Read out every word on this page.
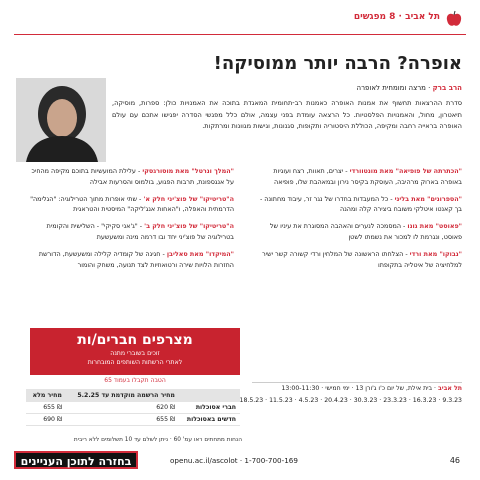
תל אביב · 8 מפגשים
אופרה? הרבה יותר ממוסיקה!
הרב ברק · מרצה ומומחית לאופרה
סדרת ההרצאות תחשוף את אמנות האופרה כאמנות רב-תחומית המאגדת בתוכה את האמנויות כולן: ספרות, מוסיקה, תיאטרון, מחול, והאמנויות הפלסטיות. כל הרצאה עומדת בפני עצמה, אולם כלל מפגשי הסדרה יפגישו אתכם עם עולם האופרה בראייה רחבה ומקיפה, הכוללת היסטוריה ותקופות, סגנונות, וגישות מגוונות ומרתקות.

"הכתרתה של פופיאה" מאת מונטוורדי - יצרים, תאוות, רצח ועוגיות באופרה בארוק מרהיבה, העוסקת בקיסר נירון ובמאהבת שלו, פופיאה

"הספרונים" מאת בליני - כל המעבדות בחדרו של נגר זר, עיבוד מחתונה - בך קאנטו איטלקי משובח ביצירה קלה ומהנה

"פאוסט" מאת גונו - המסמכה לנערים והאהבה המסוגרת את עיניו של פאוסט, ונגרמת לו למכור את נשמתו לשטן

"נבוקו" מאת ורדי - הצלחתו הראשונה של המלחין ורדי קשורה קשר ישיר למלחיציה של איטליה בתקופתו

"המלך ונרטל" מאת מוסורגסקי - עלילת המועשיות בתוכם מקיפה מהחיכ על אנגספונת, תרבות הפגוע, בולמוס והסרעות אבילה

ה"טריטיקו" של פוצ'יני חלק א' - שתי אופרות מתוך הטרילוגיה: "הגלימה" הדרמתית והאפלה, ו"האחות אנג'ליקה" המיסטית והטראגית

ה"טריטיקו" של פוצ'יני חלק ב' - "ג'אני סקיקי" - השלישית והקומית בטרילוגיה של פוצ'יני יחד ובו דרמה מינה ומשעשעת

"המיקדו" מאת סאליבן - חגיגה של קומדיה קלילה ומשעשעת, הדורשת החזרות הלויות שירה ורטואוזיות לצד תנועה, משחק והומור

מצרפים חברים/ות
זוכים בשוברי מתנה
לאתרי הרשתות השותפים המובחרות
הטבה תקבלו בעמוד 65
	מחיר הרשמה מוקדמת עד 5.2.25	מחיר מלא
חברי אסוכלות	₪ 620	₪ 655
חדשים באסוכלות	₪ 655	₪ 690
הנחות מתחתים ראו עמ' 60 · ניתן לשלם עד 10 תשלומים ללא ריבית
תל אביב · בית אילת, של יום כ'ו ג'ורן 13 · ימי חמישי · 13:00-11:30
9.3.23 · 16.3.23 · 23.3.23 · 30.3.23 · 20.4.23 · 4.5.23 · 11.5.23 · 18.5.23
46
openu.ac.il/ascolot · 1-700-700-169
בחזרה לתוכן העניינים
